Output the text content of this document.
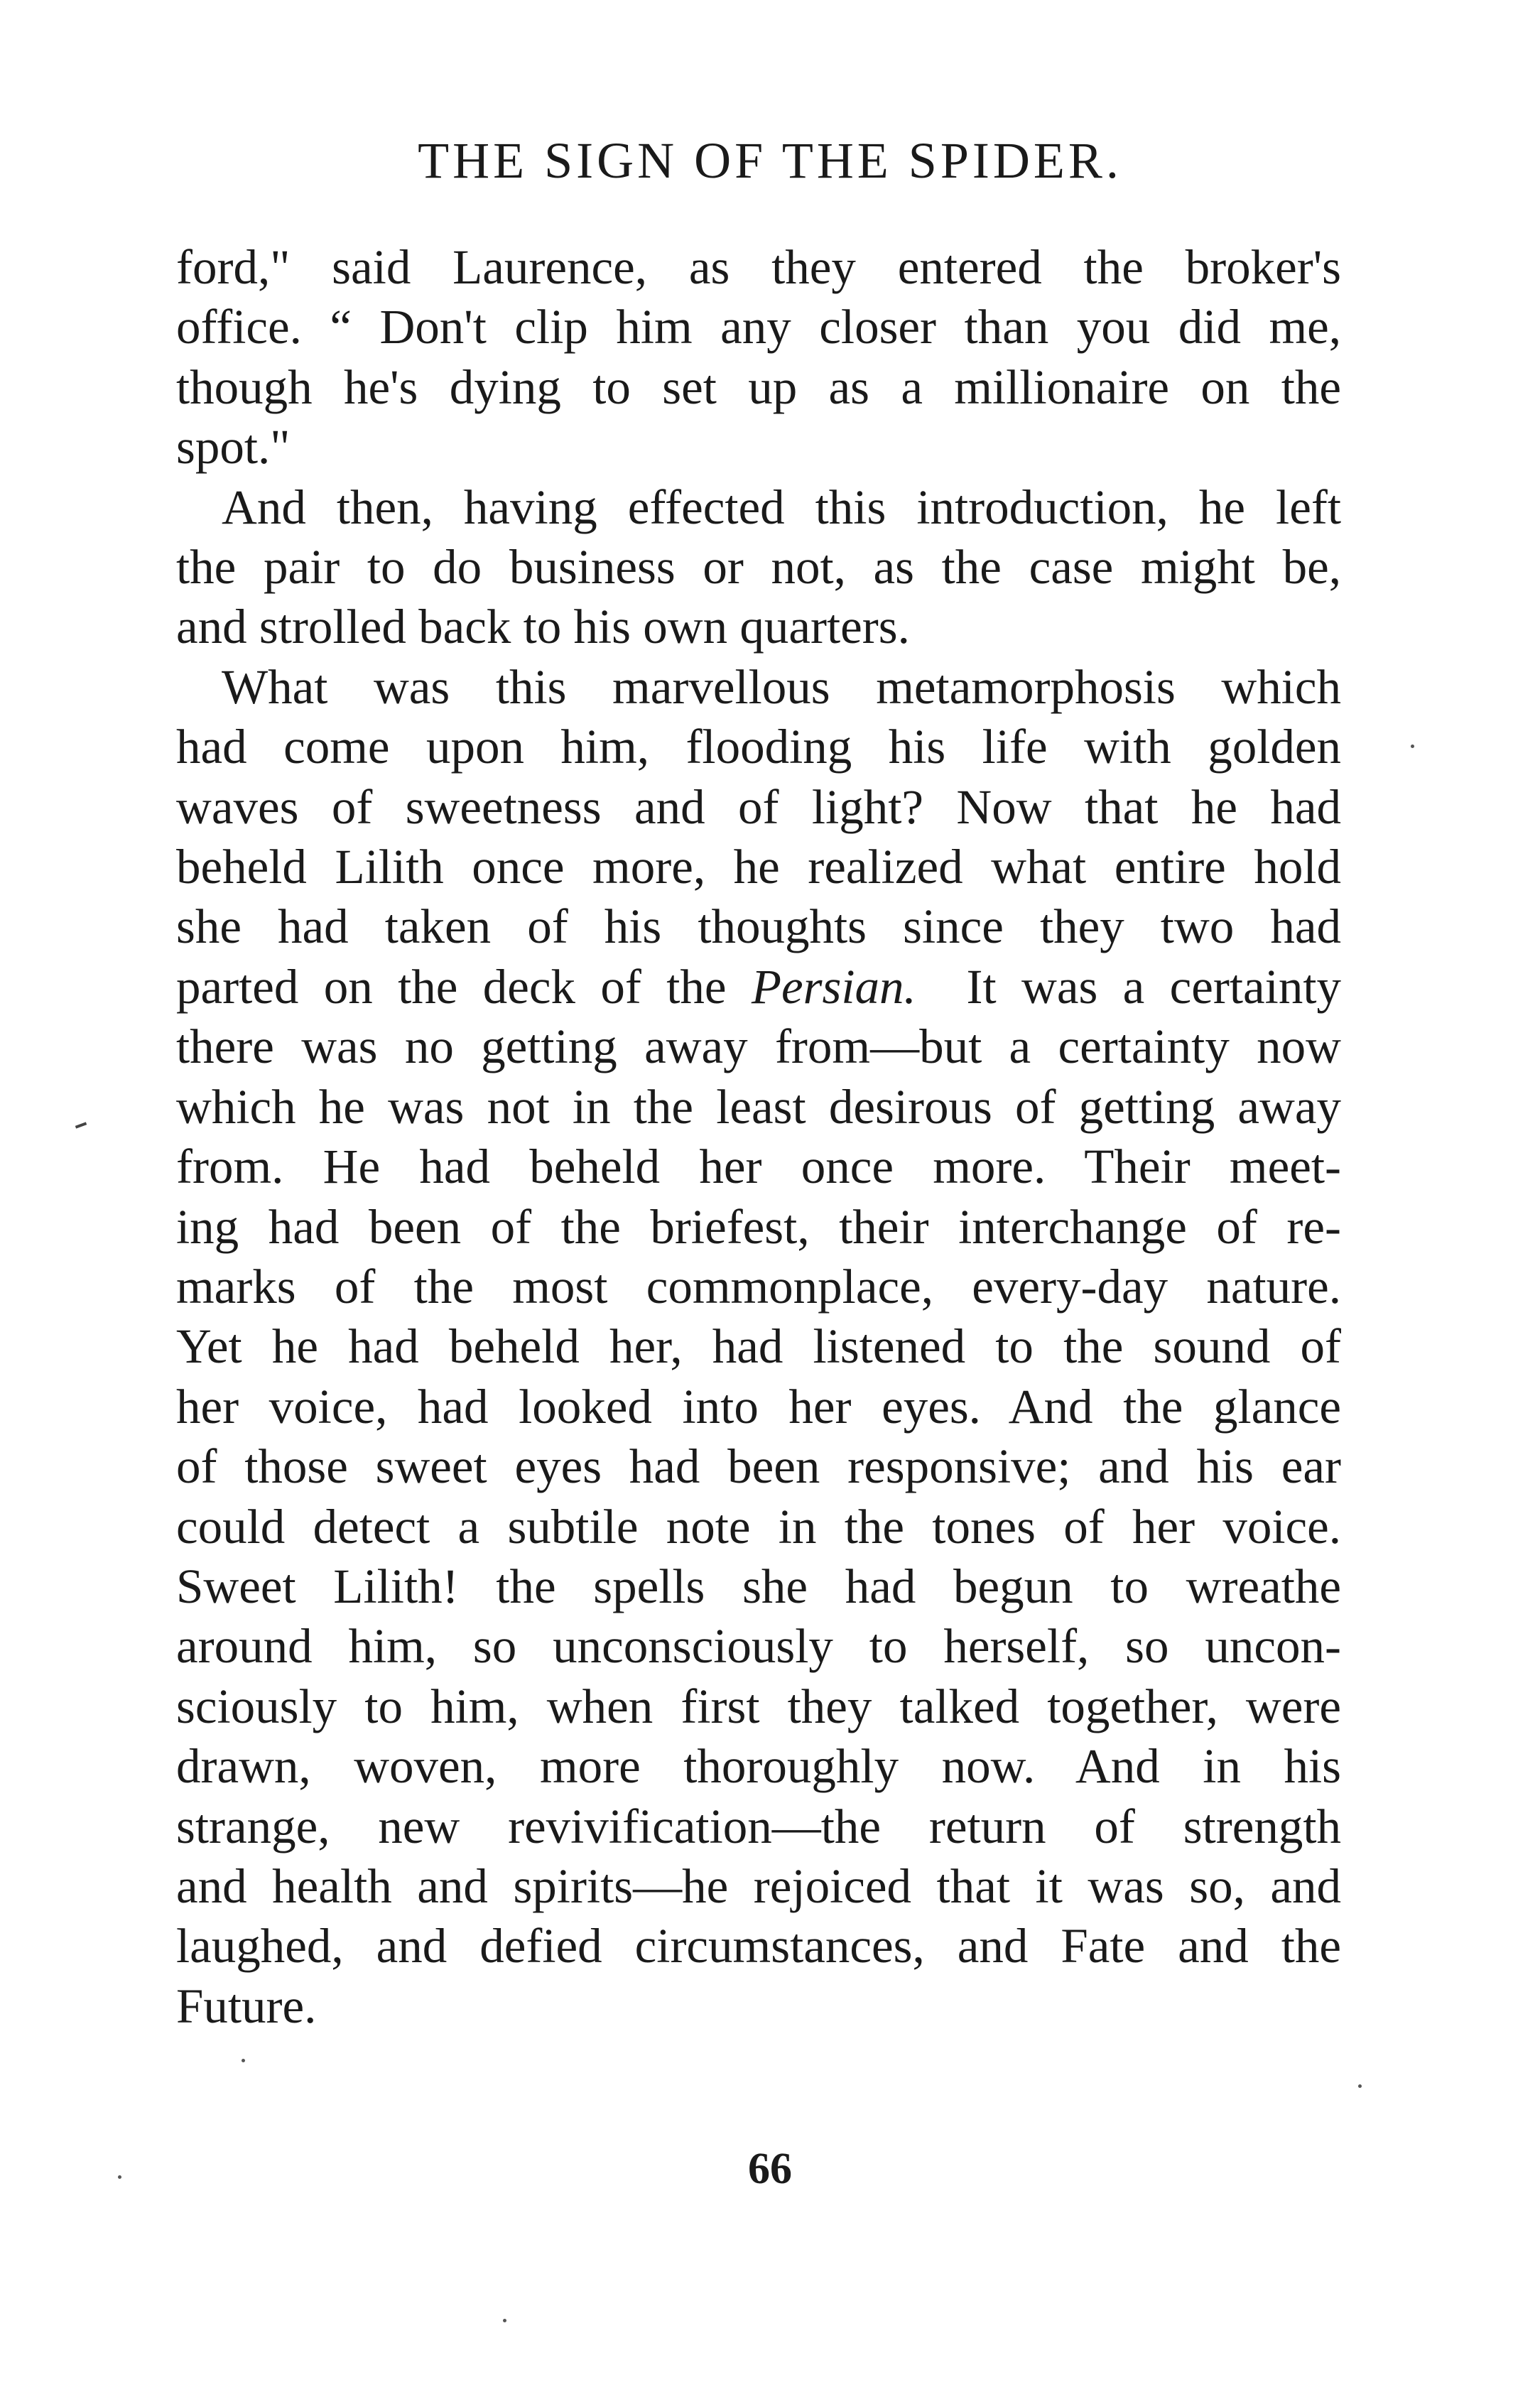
THE SIGN OF THE SPIDER.

ford," said Laurence, as they entered the broker's

office. “ Don't clip him any closer than you did me,

though he's dying to set up as a millionaire on the

spot."

And then, having effected this introduction, he left

the pair to do business or not, as the case might be,

and strolled back to his own quarters.

What was this marvellous metamorphosis which

had come upon him, flooding his life with golden

waves of sweetness and of light? Now that he had

beheld Lilith once more, he realized what entire hold

she had taken of his thoughts since they two had

parted on the deck of the Persian. It was a certainty

there was no getting away from—but a certainty now

which he was not in the least desirous of getting away

from. He had beheld her once more. Their meet-

ing had been of the briefest, their interchange of re-

marks of the most commonplace, every-day nature.

Yet he had beheld her, had listened to the sound of

her voice, had looked into her eyes. And the glance

of those sweet eyes had been responsive; and his ear

could detect a subtile note in the tones of her voice.

Sweet Lilith! the spells she had begun to wreathe

around him, so unconsciously to herself, so uncon-

sciously to him, when first they talked together, were

drawn, woven, more thoroughly now. And in his

strange, new revivification—the return of strength

and health and spirits—he rejoiced that it was so, and

laughed, and defied circumstances, and Fate and the

Future.

66
